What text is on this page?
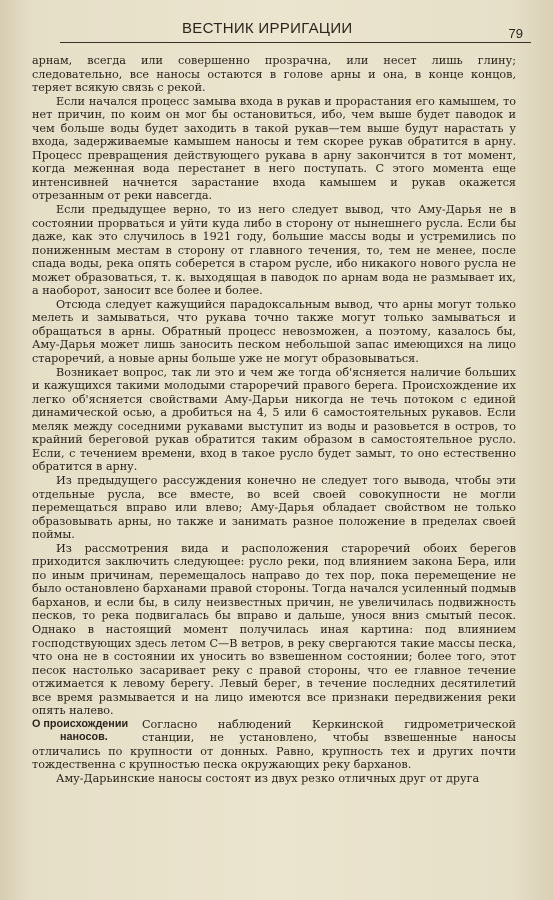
ВЕСТНИК ИРРИГАЦИИ	79

арнам, всегда или совершенно прозрачна, или несет лишь глину; следовательно, все наносы остаются в голове арны и она, в конце концов, теряет всякую связь с рекой.

Если начался процесс замыва входа в рукав и прорастания его камышем, то нет причин, по коим он мог бы остановиться, ибо, чем выше будет паводок и чем больше воды будет заходить в такой рукав—тем выше будут нарастать у входа, задерживаемые камышем наносы и тем скорее рукав обратится в арну. Процесс превращения действующего рукава в арну закончится в тот момент, когда меженная вода перестанет в него поступать. С этого момента еще интенсивней начнется зарастание входа камышем и рукав окажется отрезанным от реки навсегда.

Если предыдущее верно, то из него следует вывод, что Аму-Дарья не в состоянии прорваться и уйти куда либо в сторону от нынешнего русла. Если бы даже, как это случилось в 1921 году, большие массы воды и устремились по пониженным местам в сторону от главного течения, то, тем не менее, после спада воды, река опять соберется в старом русле, ибо никакого нового русла не может образоваться, т. к. выходящая в паводок по арнам вода не размывает их, а наоборот, заносит все более и более.

Отсюда следует кажущийся парадоксальным вывод, что арны могут только мелеть и замываться, что рукава точно также могут только замываться и обращаться в арны. Обратный процесс невозможен, а поэтому, казалось бы, Аму-Дарья может лишь заносить песком небольшой запас имеющихся на лицо староречий, а новые арны больше уже не могут образовываться.

Возникает вопрос, так ли это и чем же тогда об'ясняется наличие больших и кажущихся такими молодыми староречий правого берега. Происхождение их легко об'ясняется свойствами Аму-Дарьи никогда не течь потоком с единой динамической осью, а дробиться на 4, 5 или 6 самостоятельных рукавов. Если меляк между соседними рукавами выступит из воды и разовьется в остров, то крайний береговой рукав обратится таким образом в самостоятельное русло. Если, с течением времени, вход в такое русло будет замыт, то оно естественно обратится в арну.

Из предыдущего рассуждения конечно не следует того вывода, чтобы эти отдельные русла, все вместе, во всей своей совокупности не могли перемещаться вправо или влево; Аму-Дарья обладает свойством не только образовывать арны, но также и занимать разное положение в пределах своей поймы.

Из рассмотрения вида и расположения староречий обоих берегов приходится заключить следующее: русло реки, под влиянием закона Бера, или по иным причинам, перемещалось направо до тех пор, пока перемещение не было остановлено барханами правой стороны. Тогда начался усиленный подмыв барханов, и если бы, в силу неизвестных причин, не увеличилась подвижность песков, то река подвигалась бы вправо и дальше, унося вниз смытый песок. Однако в настоящий момент получилась иная картина: под влиянием господствующих здесь летом С—В ветров, в реку свергаются такие массы песка, что она не в состоянии их уносить во взвешенном состоянии; более того, этот песок настолько засаривает реку с правой стороны, что ее главное течение отжимается к левому берегу. Левый берег, в течение последних десятилетий все время размывается и на лицо имеются все признаки передвижения реки опять налево.

О происхождении
наносов.
Согласно наблюдений Керкинской гидрометрической станции, не установлено, чтобы взвешенные наносы отличались по крупности от донных. Равно, крупность тех и других почти тождественна с крупностью песка окружающих реку барханов.

Аму-Дарьинские наносы состоят из двух резко отличных друг от друга
